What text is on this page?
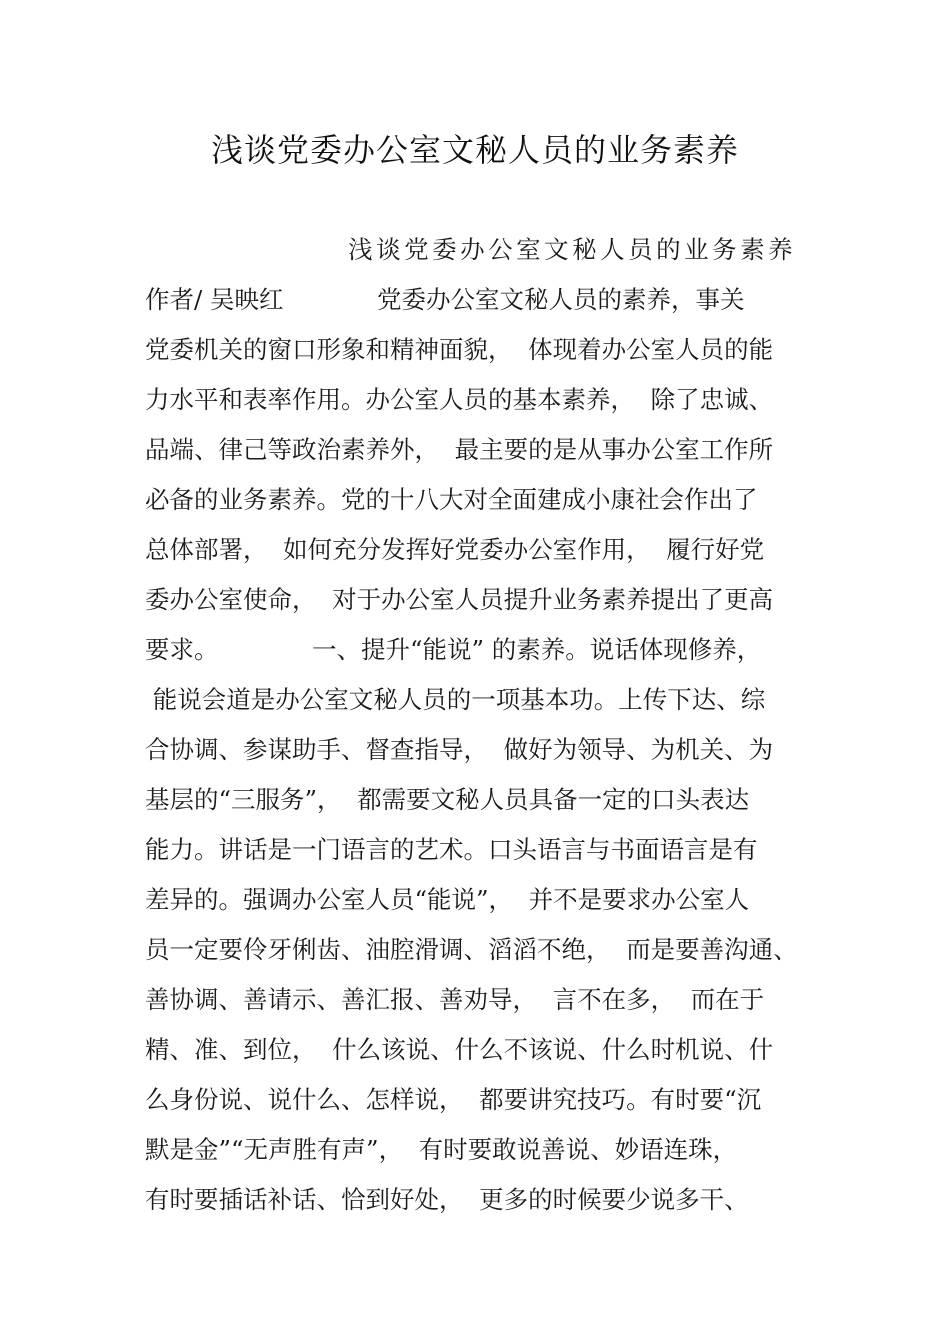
浅谈党委办公室文秘人员的业务素养
浅谈党委办公室文秘人员的业务素养
作者/ 吴映红            党委办公室文秘人员的素养，事关
党委机关的窗口形象和精神面貌，  体现着办公室人员的能
力水平和表率作用。办公室人员的基本素养，  除了忠诚、
品端、律己等政治素养外，  最主要的是从事办公室工作所
必备的业务素养。党的十八大对全面建成小康社会作出了
总体部署，  如何充分发挥好党委办公室作用，  履行好党
委办公室使命，  对于办公室人员提升业务素养提出了更高
要求。            一、提升“能说” 的素养。说话体现修养，
能说会道是办公室文秘人员的一项基本功。上传下达、综
合协调、参谋助手、督查指导，  做好为领导、为机关、为
基层的“三服务”，  都需要文秘人员具备一定的口头表达
能力。讲话是一门语言的艺术。口头语言与书面语言是有
差异的。强调办公室人员“能说”，  并不是要求办公室人
员一定要伶牙俐齿、油腔滑调、滔滔不绝，  而是要善沟通、
善协调、善请示、善汇报、善劝导，  言不在多，  而在于
精、准、到位，  什么该说、什么不该说、什么时机说、什
么身份说、说什么、怎样说，  都要讲究技巧。有时要“沉
默是金”“无声胜有声”，  有时要敢说善说、妙语连珠，
有时要插话补话、恰到好处，  更多的时候要少说多干、
